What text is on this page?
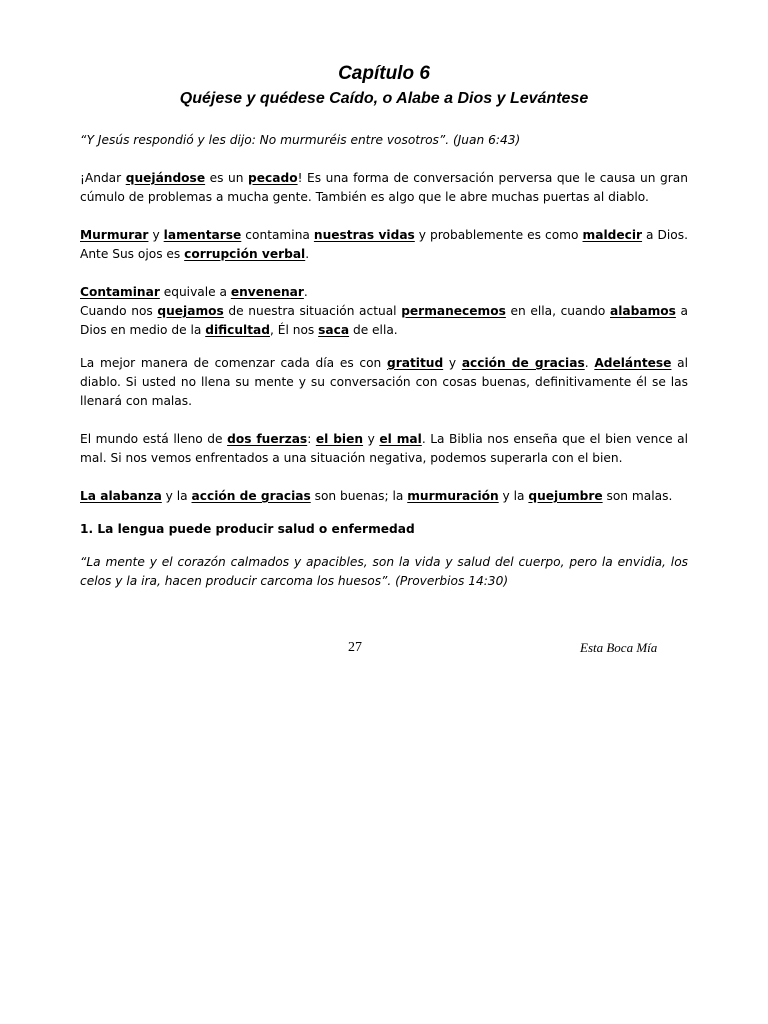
Capítulo 6
Quéjese y quédese Caído, o Alabe a Dios y Levántese

“Y Jesús respondió y les dijo: No murmuréis entre vosotros”. (Juan 6:43)

¡Andar quejándose es un pecado! Es una forma de conversación perversa que le causa un gran cúmulo de problemas a mucha gente. También es algo que le abre muchas puertas al diablo.

Murmurar y lamentarse contamina nuestras vidas y probablemente es como maldecir a Dios. Ante Sus ojos es corrupción verbal.

Contaminar equivale a envenenar.

Cuando nos quejamos de nuestra situación actual permanecemos en ella, cuando alabamos a Dios en medio de la dificultad, Él nos saca de ella.

La mejor manera de comenzar cada día es con gratitud y acción de gracias. Adelántese al diablo. Si usted no llena su mente y su conversación con cosas buenas, definitivamente él se las llenará con malas.

El mundo está lleno de dos fuerzas: el bien y el mal. La Biblia nos enseña que el bien vence al mal. Si nos vemos enfrentados a una situación negativa, podemos superarla con el bien.

La alabanza y la acción de gracias son buenas; la murmuración y la quejumbre son malas.

1. La lengua puede producir salud o enfermedad

“La mente y el corazón calmados y apacibles, son la vida y salud del cuerpo, pero la envidia, los celos y la ira, hacen producir carcoma los huesos”. (Proverbios 14:30)

27	Esta Boca Mía
